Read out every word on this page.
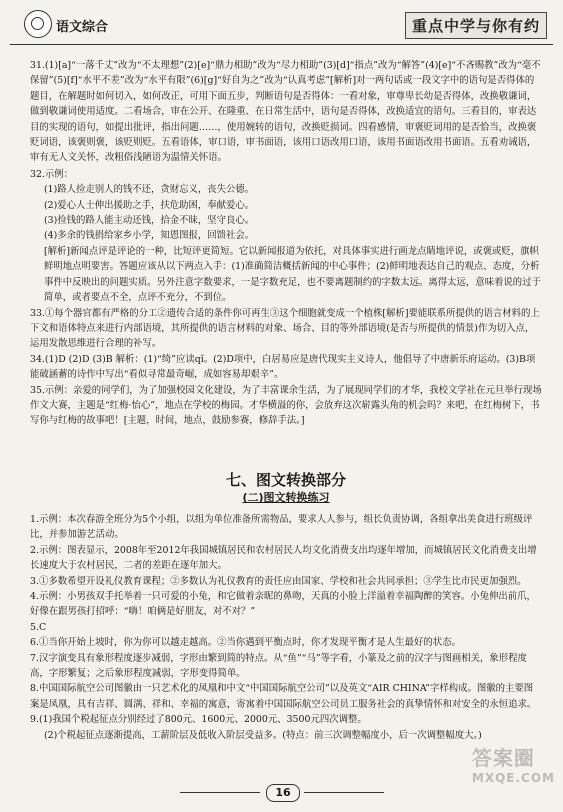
语文综合	重点中学与你有约

31.(1)[a]“一落千丈”改为“不太理想”(2)[e]“鼎力相助”改为“尽力相助”(3)[d]“指点”改为“解答”(4)[e]“不吝赐教”改为“毫不保留”(5)[f]“水平不差”改为“水平有限”(6)[g]“好自为之”改为“认真考虑”[解析]对一两句话或一段文字中的语句是否得体的题目，在解题时如何切入，如何改正，可用下面五步，判断语句是否得体：一看对象，审尊卑长幼是否得体，改换敬谦词，做到敬谦词使用适度。二看场合，审在公开、在隆重、在日常生活中，语句是否得体，改换适宜的语句。三看目的，审表达目的实现的语句，如提出批评，指出问题……，使用婉转的语句，改换贬损词。四看感情，审褒贬词用的是否恰当，改换褒贬词语，该褒则褒，该贬则贬。五看语体，审口语，审书面语，该用口语改用口语，该用书面语改用书面语。五看劝诫语，审有无人文关怀，改粗俗浅陋语为温情关怀语。

32.示例：

(1)路人捡走别人的钱不还，贪财忘义，丧失公德。

(2)爱心人士伸出援助之手，扶危助困，奉献爱心。

(3)捡钱的路人能主动还钱，拾金不昧，坚守良心。

(4)多余的钱捐给家乡小学，知恩图报，回馈社会。

[解析]新闻点评是评论的一种，比短评更简短。它以新闻报道为依托，对具体事实进行画龙点睛地评说，或褒或贬，旗帜鲜明地点明要害。答题应该从以下两点入手：(1)准确简洁概括新闻的中心事件；(2)鲜明地表达自己的观点、态度，分析事件中反映出的问题实质。另外注意字数要求，一是字数充足，也不要离题制约的字数太远。离得太远，意味着说的过于简单，或者要点不全，点评不充分，不到位。

33.①每个器官都有严格的分工②遗传合适的条件你可再生③这个细胞就变成一个植株[解析]要能联系所提供的语言材料的上下文和语体特点来进行内部语境，其所提供的语言材料的对象、场合、目的等外部语境(是否与所提供的情景)作为切入点，运用发散思维进行合理的补写。

34.(1)D (2)D (3)B 解析：(1)“绮”应读qǐ。(2)D项中，白居易应是唐代现实主义诗人，他倡导了中唐新乐府运动。(3)B项能破涵蓄的诗作中写出“看似寻常最奇崛，成如容易却艰辛”。

35.示例：亲爱的同学们，为了加强校园文化建设，为了丰富课余生活，为了展现同学们的才华，我校文学社在元旦举行现场作文大赛，主题是“红梅·怡心”，地点在学校的梅园。才华横溢的你，会放弃这次崭露头角的机会吗？来吧，在红梅树下，书写你与红梅的故事吧！[主题，时间，地点，鼓励参赛，修辞手法。]

七、图文转换部分
(二)图文转换练习

1.示例：本次春游全班分为5个小组，以组为单位准备所需物品，要求人人参与，组长负责协调，各组拿出美食进行班级评比，并参加游艺活动。

2.示例：图表显示，2008年至2012年我国城镇居民和农村居民人均文化消费支出均逐年增加，而城镇居民文化消费支出增长速度大于农村居民，二者的差距在逐年加大。

3.①多数希望开设礼仪教育课程；②多数认为礼仪教育的责任应由国家、学校和社会共同承担；③学生比市民更加强烈。

4.示例：小男孩双手托举着一只可爱的小兔，和它做着亲昵的鼻吻，天真的小脸上洋溢着幸福陶醉的笑容。小兔伸出前爪，好像在跟男孩打招呼：“嗨！咱俩是好朋友，对不对？”

5.C

6.①当你开始上坡时，你为你可以越走越高。②当你遇到平衡点时，你才发现平衡才是人生最好的状态。

7.汉字演变具有象形程度逐步减弱，字形由繁到简的特点。从“鱼”“马”等字看，小篆及之前的汉字与图画相关，象形程度高，字形繁复；之后象形程度减弱，字形变得简单。

8.中国国际航空公司图徽由一只艺术化的凤凰和中文“中国国际航空公司”以及英文“AIR CHINA”字样构成。图徽的主要图案是凤凰，具有吉祥、圆满、祥和、幸福的寓意，寄寓着中国国际航空公司员工服务社会的真挚情怀和对安全的永恒追求。

9.(1)我国个税起征点分别经过了800元、1600元、2000元、3500元四次调整。

(2)个税起征点逐渐提高，工薪阶层及低收入阶层受益多。(特点：前三次调整幅度小，后一次调整幅度大。)

答案圈
MXQE.COM
16
